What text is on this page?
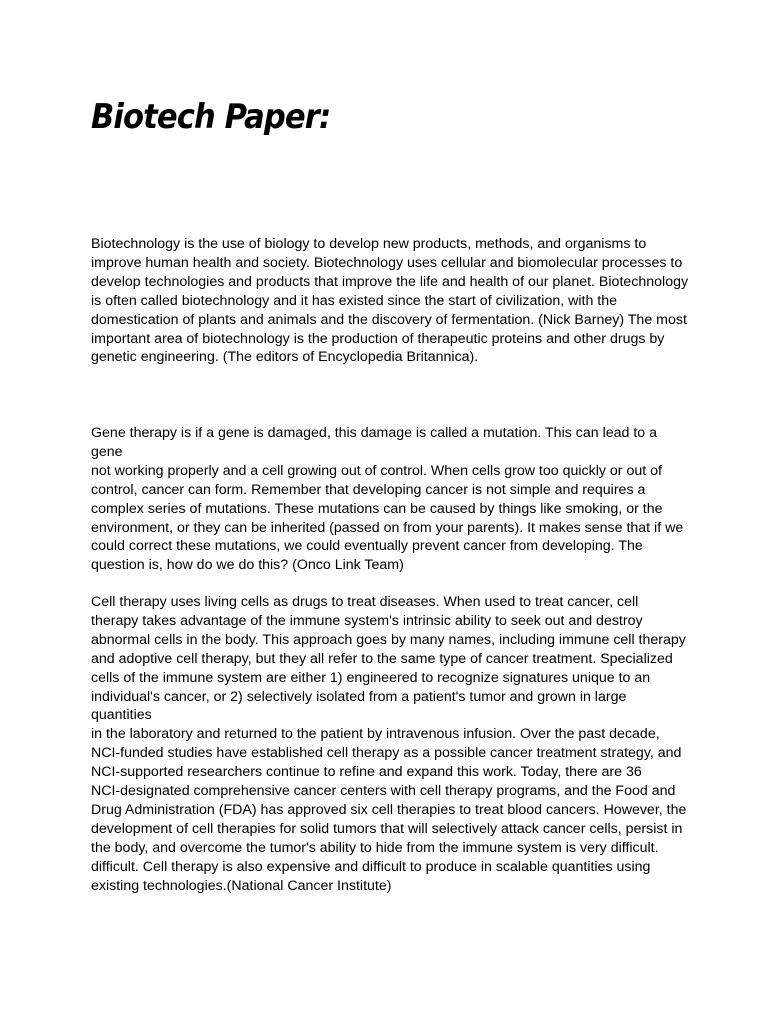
Biotech Paper:

Biotechnology is the use of biology to develop new products, methods, and organisms to
improve human health and society. Biotechnology uses cellular and biomolecular processes to
develop technologies and products that improve the life and health of our planet. Biotechnology
is often called biotechnology and it has existed since the start of civilization, with the
domestication of plants and animals and the discovery of fermentation. (Nick Barney) The most
important area of biotechnology is the production of therapeutic proteins and other drugs by
genetic engineering. (The editors of Encyclopedia Britannica).

Gene therapy is if a gene is damaged, this damage is called a mutation. This can lead to a gene
not working properly and a cell growing out of control. When cells grow too quickly or out of
control, cancer can form. Remember that developing cancer is not simple and requires a
complex series of mutations. These mutations can be caused by things like smoking, or the
environment, or they can be inherited (passed on from your parents). It makes sense that if we
could correct these mutations, we could eventually prevent cancer from developing. The
question is, how do we do this? (Onco Link Team)

Cell therapy uses living cells as drugs to treat diseases. When used to treat cancer, cell
therapy takes advantage of the immune system's intrinsic ability to seek out and destroy
abnormal cells in the body. This approach goes by many names, including immune cell therapy
and adoptive cell therapy, but they all refer to the same type of cancer treatment. Specialized
cells of the immune system are either 1) engineered to recognize signatures unique to an
individual's cancer, or 2) selectively isolated from a patient's tumor and grown in large quantities
in the laboratory and returned to the patient by intravenous infusion. Over the past decade,
NCI-funded studies have established cell therapy as a possible cancer treatment strategy, and
NCI-supported researchers continue to refine and expand this work. Today, there are 36
NCI-designated comprehensive cancer centers with cell therapy programs, and the Food and
Drug Administration (FDA) has approved six cell therapies to treat blood cancers. However, the
development of cell therapies for solid tumors that will selectively attack cancer cells, persist in
the body, and overcome the tumor's ability to hide from the immune system is very difficult.
difficult. Cell therapy is also expensive and difficult to produce in scalable quantities using
existing technologies.(National Cancer Institute)
